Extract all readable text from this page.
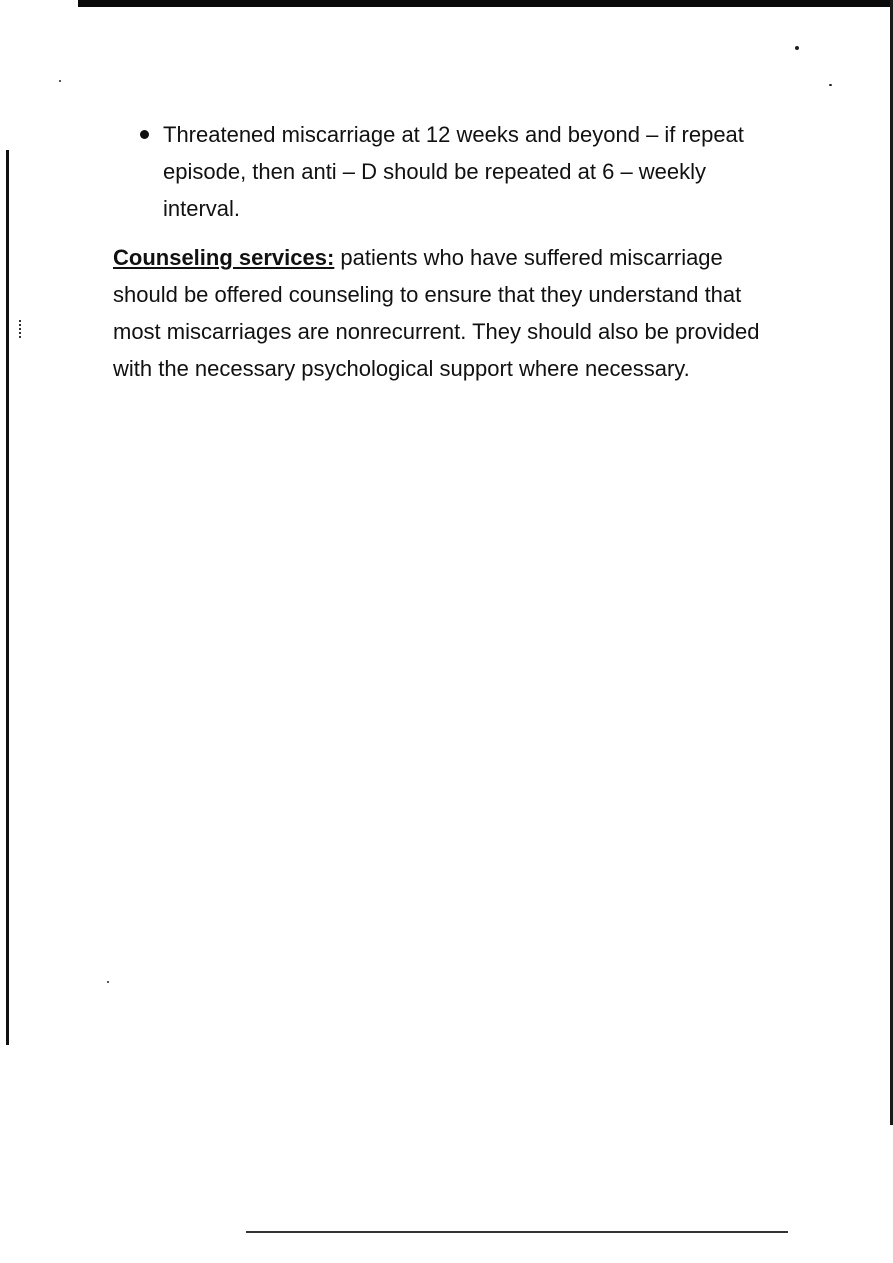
Threatened miscarriage at 12 weeks and beyond – if repeat episode, then anti – D should be repeated at 6 – weekly interval.

Counseling services: patients who have suffered miscarriage should be offered counseling to ensure that they understand that most miscarriages are nonrecurrent. They should also be provided with the necessary psychological support where necessary.
